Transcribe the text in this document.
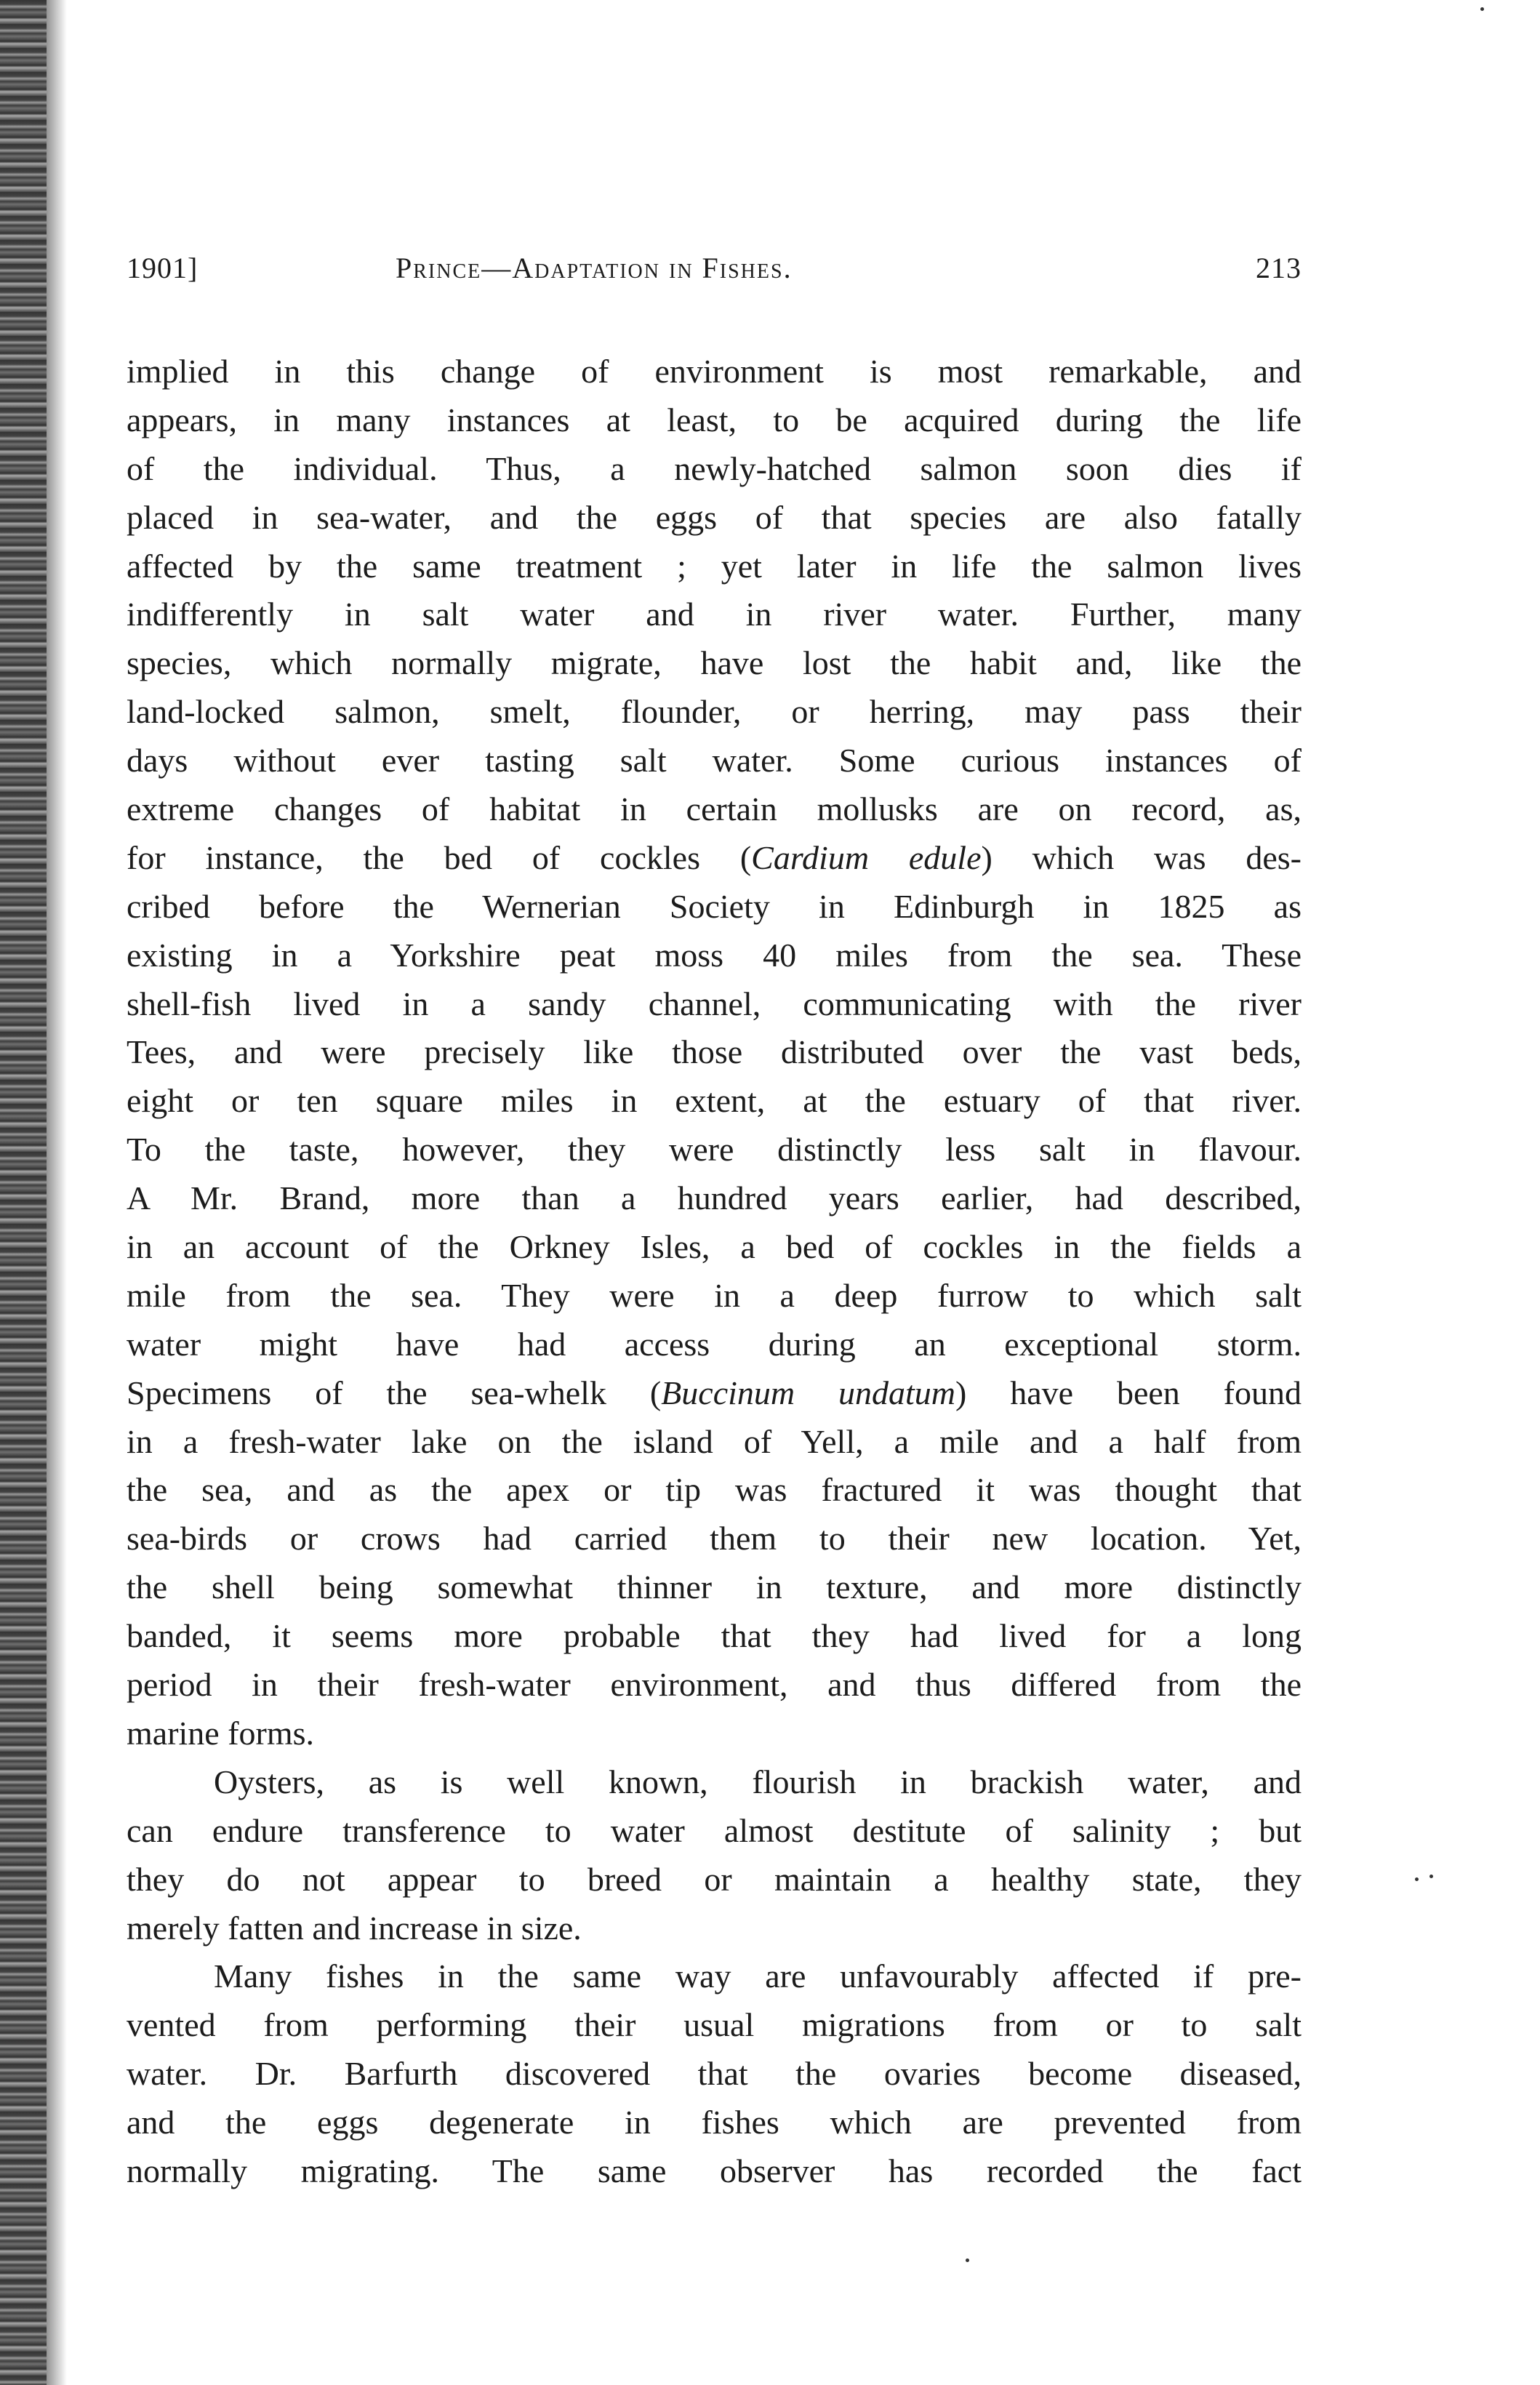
1901]	Prince—Adaptation in Fishes.	213
implied in this change of environment is most remarkable, and
appears, in many instances at least, to be acquired during the life
of the individual. Thus, a newly-hatched salmon soon dies if
placed in sea-water, and the eggs of that species are also fatally
affected by the same treatment ; yet later in life the salmon lives
indifferently in salt water and in river water. Further, many
species, which normally migrate, have lost the habit and, like the
land-locked salmon, smelt, flounder, or herring, may pass their
days without ever tasting salt water. Some curious instances of
extreme changes of habitat in certain mollusks are on record, as,
for instance, the bed of cockles (Cardium edule) which was des-
cribed before the Wernerian Society in Edinburgh in 1825 as
existing in a Yorkshire peat moss 40 miles from the sea. These
shell-fish lived in a sandy channel, communicating with the river
Tees, and were precisely like those distributed over the vast beds,
eight or ten square miles in extent, at the estuary of that river.
To the taste, however, they were distinctly less salt in flavour.
A Mr. Brand, more than a hundred years earlier, had described,
in an account of the Orkney Isles, a bed of cockles in the fields a
mile from the sea. They were in a deep furrow to which salt
water might have had access during an exceptional storm.
Specimens of the sea-whelk (Buccinum undatum) have been found
in a fresh-water lake on the island of Yell, a mile and a half from
the sea, and as the apex or tip was fractured it was thought that
sea-birds or crows had carried them to their new location. Yet,
the shell being somewhat thinner in texture, and more distinctly
banded, it seems more probable that they had lived for a long
period in their fresh-water environment, and thus differed from the
marine forms.
Oysters, as is well known, flourish in brackish water, and
can endure transference to water almost destitute of salinity ; but
they do not appear to breed or maintain a healthy state, they
merely fatten and increase in size.
Many fishes in the same way are unfavourably affected if pre-
vented from performing their usual migrations from or to salt
water. Dr. Barfurth discovered that the ovaries become diseased,
and the eggs degenerate in fishes which are prevented from
normally migrating. The same observer has recorded the fact
